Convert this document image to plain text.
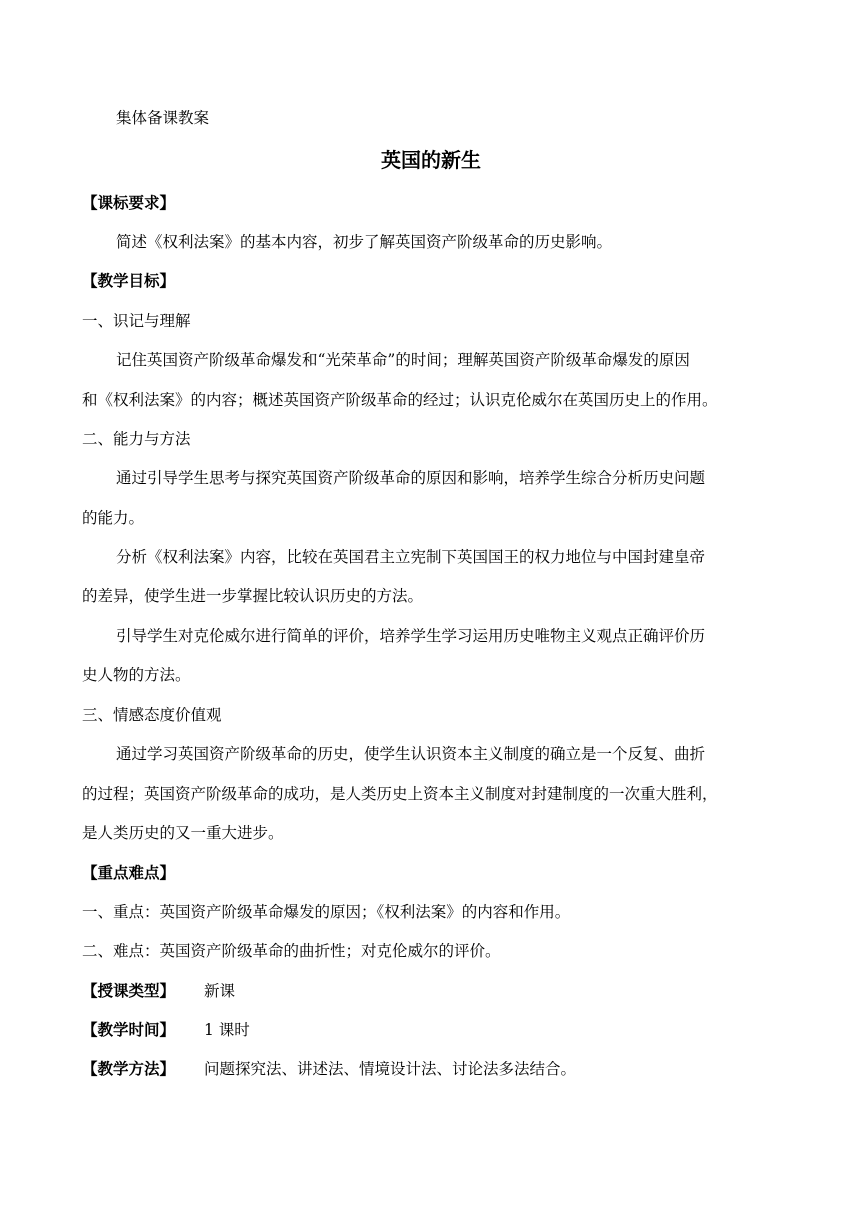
集体备课教案
英国的新生
【课标要求】
简述《权利法案》的基本内容，初步了解英国资产阶级革命的历史影响。
【教学目标】
一、识记与理解
记住英国资产阶级革命爆发和“光荣革命”的时间；理解英国资产阶级革命爆发的原因
和《权利法案》的内容；概述英国资产阶级革命的经过；认识克伦威尔在英国历史上的作用。
二、能力与方法
通过引导学生思考与探究英国资产阶级革命的原因和影响，培养学生综合分析历史问题
的能力。
分析《权利法案》内容，比较在英国君主立宪制下英国国王的权力地位与中国封建皇帝
的差异，使学生进一步掌握比较认识历史的方法。
引导学生对克伦威尔进行简单的评价，培养学生学习运用历史唯物主义观点正确评价历
史人物的方法。
三、情感态度价值观
通过学习英国资产阶级革命的历史，使学生认识资本主义制度的确立是一个反复、曲折
的过程；英国资产阶级革命的成功，是人类历史上资本主义制度对封建制度的一次重大胜利，
是人类历史的又一重大进步。
【重点难点】
一、重点：英国资产阶级革命爆发的原因；《权利法案》的内容和作用。
二、难点：英国资产阶级革命的曲折性；对克伦威尔的评价。
【授课类型】 新课
【教学时间】 1 课时
【教学方法】 问题探究法、讲述法、情境设计法、讨论法多法结合。
